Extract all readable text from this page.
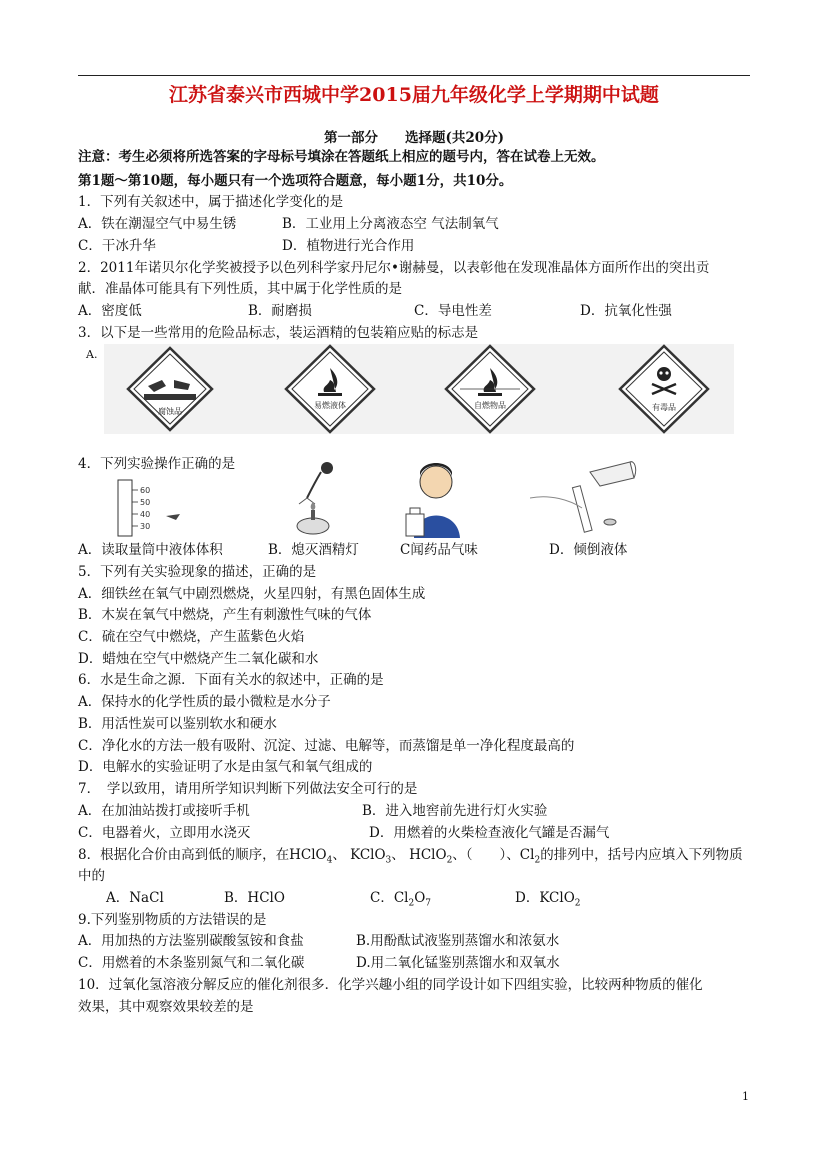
江苏省泰兴市西城中学2015届九年级化学上学期期中试题
第一部分　　选择题(共20分)
注意：考生必须将所选答案的字母标号填涂在答题纸上相应的题号内，答在试卷上无效。
第1题～第10题，每小题只有一个选项符合题意，每小题1分，共10分。
1．下列有关叙述中，属于描述化学变化的是
A．铁在潮湿空气中易生锈	B．工业用上分离液态空 气法制氧气
C．干冰升华	D．植物进行光合作用
2．2011年诺贝尔化学奖被授予以色列科学家丹尼尔•谢赫曼，以表彰他在发现准晶体方面所作出的突出贡
献．准晶体可能具有下列性质，其中属于化学性质的是
A．密度低	B．耐磨损	C．导电性差	D．抗氧化性强
3．以下是一些常用的危险品标志，装运酒精的包装箱应贴的标志是
A.
腐蚀品
易燃液体	自燃物品	有毒品
4．下列实验操作正确的是
60
50
40
30
A．读取量筒中液体体积	B．熄灭酒精灯	C闻药品气味	D．倾倒液体
5．下列有关实验现象的描述，正确的是
A．细铁丝在氧气中剧烈燃烧，火星四射，有黑色固体生成
B．木炭在氧气中燃烧，产生有刺激性气味的气体
C．硫在空气中燃烧，产生蓝紫色火焰
D．蜡烛在空气中燃烧产生二氧化碳和水
6．水是生命之源．下面有关水的叙述中，正确的是
A．保持水的化学性质的最小微粒是水分子
B．用活性炭可以鉴别软水和硬水
C．净化水的方法一般有吸附、沉淀、过滤、电解等，而蒸馏是单一净化程度最高的
D．电解水的实验证明了水是由氢气和氧气组成的
7．　学以致用，请用所学知识判断下列做法安全可行的是
A．在加油站拨打或接听手机	B．进入地窖前先进行灯火实验
C．电器着火，立即用水浇灭	D．用燃着的火柴检查液化气罐是否漏气
8．根据化合价由高到低的顺序，在HClO$_4$、 KClO$_3$、 HClO$_2$、（　　）、$Cl_2$的排列中，括号内应填入下列物质
中的
A．NaCl	B．HClO	C．$Cl_2O_7$	D．KClO$_2$
9.下列鉴别物质的方法错误的是
A．用加热的方法鉴别碳酸氢铵和食盐	B.用酚酞试液鉴别蒸馏水和浓氨水
C．用燃着的木条鉴别氮气和二氧化碳	D.用二氧化锰鉴别蒸馏水和双氧水
10．过氧化氢溶液分解反应的催化剂很多．化学兴趣小组的同学设计如下四组实验，比较两种物质的催化
效果，其中观察效果较差的是
1
